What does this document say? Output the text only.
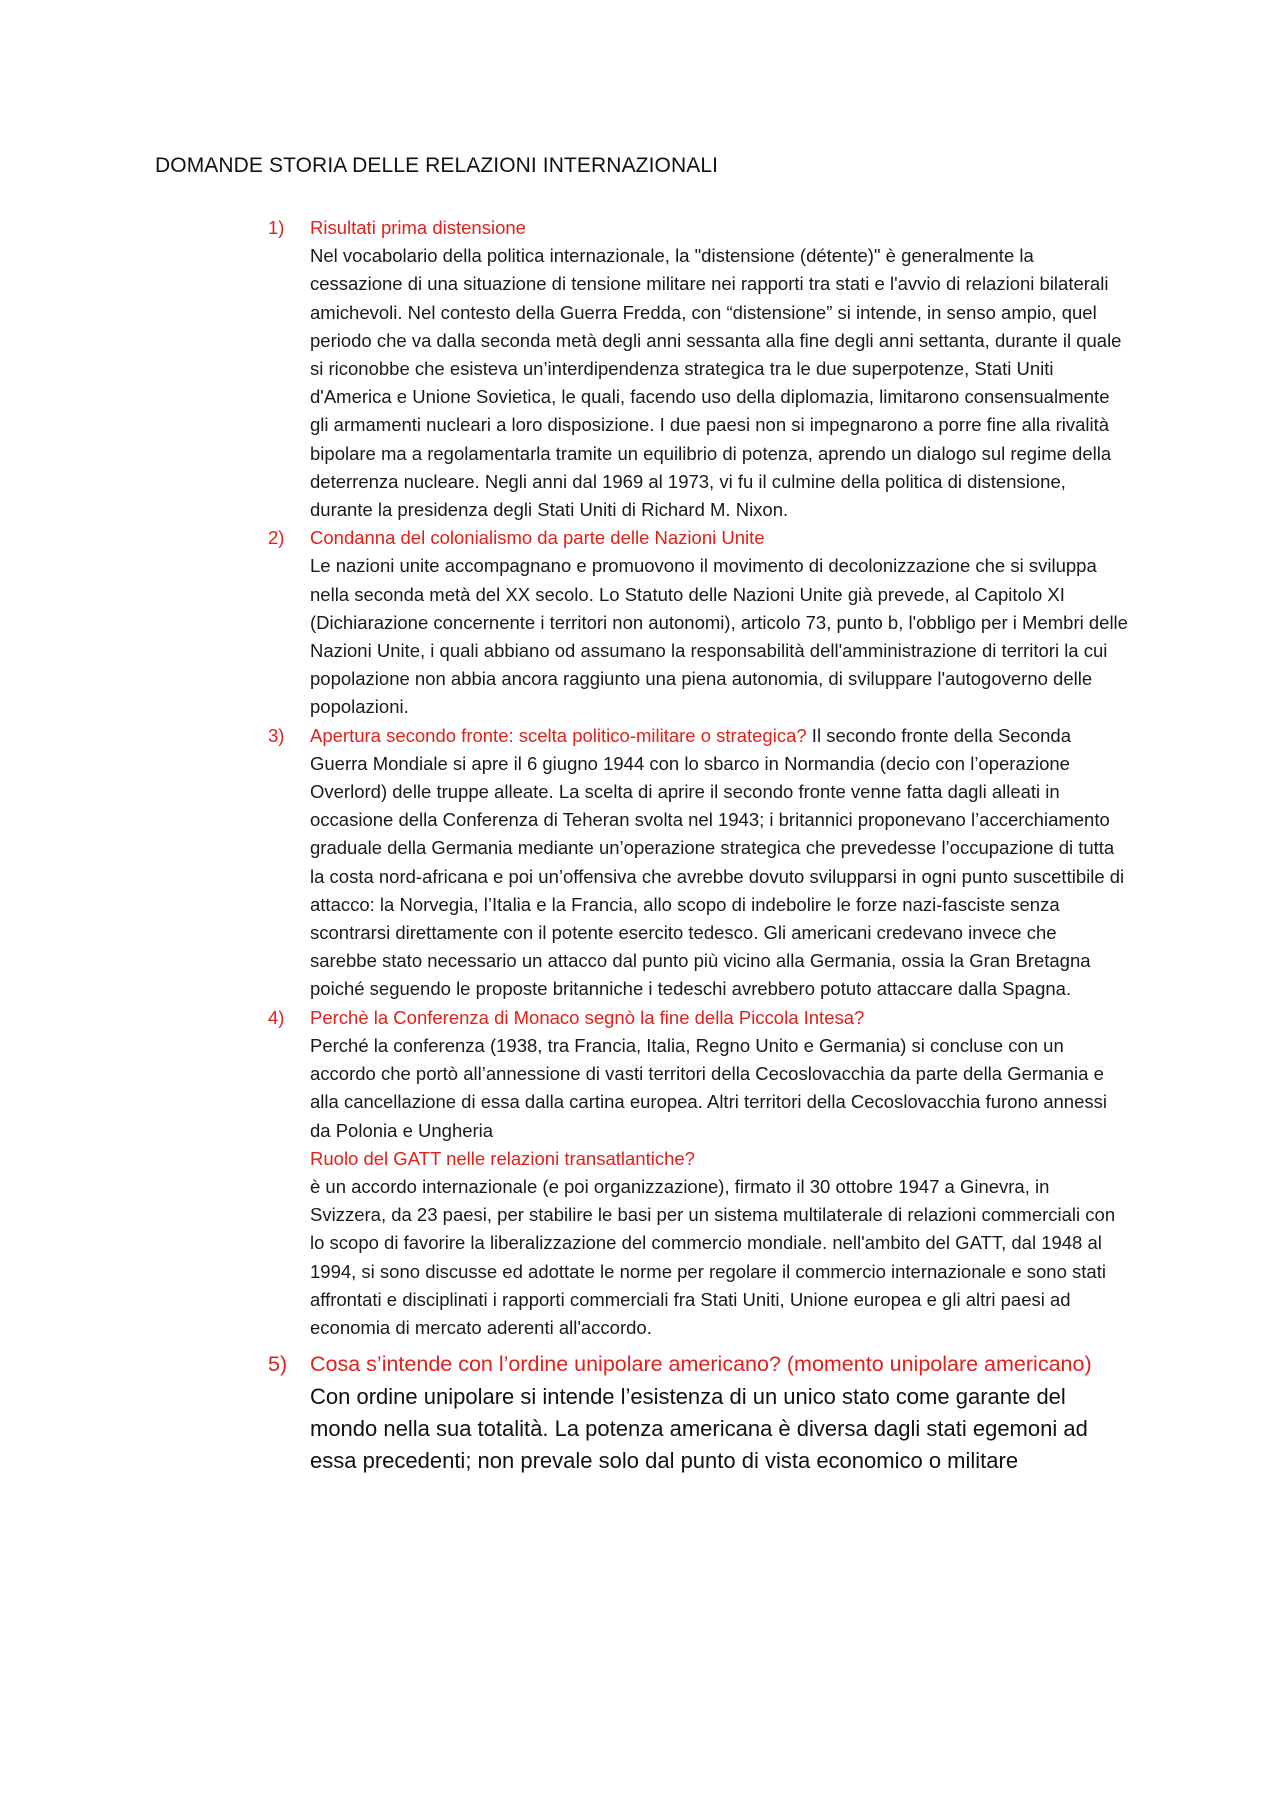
DOMANDE STORIA DELLE RELAZIONI INTERNAZIONALI
1) Risultati prima distensione
Nel vocabolario della politica internazionale, la "distensione (détente)" è generalmente la cessazione di una situazione di tensione militare nei rapporti tra stati e l'avvio di relazioni bilaterali amichevoli. Nel contesto della Guerra Fredda, con “distensione” si intende, in senso ampio, quel periodo che va dalla seconda metà degli anni sessanta alla fine degli anni settanta, durante il quale si riconobbe che esisteva un’interdipendenza strategica tra le due superpotenze, Stati Uniti d'America e Unione Sovietica, le quali, facendo uso della diplomazia, limitarono consensualmente gli armamenti nucleari a loro disposizione. I due paesi non si impegnarono a porre fine alla rivalità bipolare ma a regolamentarla tramite un equilibrio di potenza, aprendo un dialogo sul regime della deterrenza nucleare. Negli anni dal 1969 al 1973, vi fu il culmine della politica di distensione, durante la presidenza degli Stati Uniti di Richard M. Nixon.
2) Condanna del colonialismo da parte delle Nazioni Unite
Le nazioni unite accompagnano e promuovono il movimento di decolonizzazione che si sviluppa nella seconda metà del XX secolo. Lo Statuto delle Nazioni Unite già prevede, al Capitolo XI (Dichiarazione concernente i territori non autonomi), articolo 73, punto b, l'obbligo per i Membri delle Nazioni Unite, i quali abbiano od assumano la responsabilità dell'amministrazione di territori la cui popolazione non abbia ancora raggiunto una piena autonomia, di sviluppare l'autogoverno delle popolazioni.
3) Apertura secondo fronte: scelta politico-militare o strategica? Il secondo fronte della Seconda Guerra Mondiale si apre il 6 giugno 1944 con lo sbarco in Normandia (decio con l’operazione Overlord) delle truppe alleate. La scelta di aprire il secondo fronte venne fatta dagli alleati in occasione della Conferenza di Teheran svolta nel 1943; i britannici proponevano l’accerchiamento graduale della Germania mediante un’operazione strategica che prevedesse l’occupazione di tutta la costa nord-africana e poi un’offensiva che avrebbe dovuto svilupparsi in ogni punto suscettibile di attacco: la Norvegia, l’Italia e la Francia, allo scopo di indebolire le forze nazi-fasciste senza scontrarsi direttamente con il potente esercito tedesco. Gli americani credevano invece che sarebbe stato necessario un attacco dal punto più vicino alla Germania, ossia la Gran Bretagna poiché seguendo le proposte britanniche i tedeschi avrebbero potuto attaccare dalla Spagna.
4) Perchè la Conferenza di Monaco segnò la fine della Piccola Intesa?
Perché la conferenza (1938, tra Francia, Italia, Regno Unito e Germania) si concluse con un accordo che portò all’annessione di vasti territori della Cecoslovacchia da parte della Germania e alla cancellazione di essa dalla cartina europea. Altri territori della Cecoslovacchia furono annessi da Polonia e Ungheria
Ruolo del GATT nelle relazioni transatlantiche?
è un accordo internazionale (e poi organizzazione), firmato il 30 ottobre 1947 a Ginevra, in Svizzera, da 23 paesi, per stabilire le basi per un sistema multilaterale di relazioni commerciali con lo scopo di favorire la liberalizzazione del commercio mondiale. nell'ambito del GATT, dal 1948 al 1994, si sono discusse ed adottate le norme per regolare il commercio internazionale e sono stati affrontati e disciplinati i rapporti commerciali fra Stati Uniti, Unione europea e gli altri paesi ad economia di mercato aderenti all'accordo.
5) Cosa s’intende con l’ordine unipolare americano? (momento unipolare americano)
Con ordine unipolare si intende l’esistenza di un unico stato come garante del mondo nella sua totalità. La potenza americana è diversa dagli stati egemoni ad essa precedenti; non prevale solo dal punto di vista economico o militare
